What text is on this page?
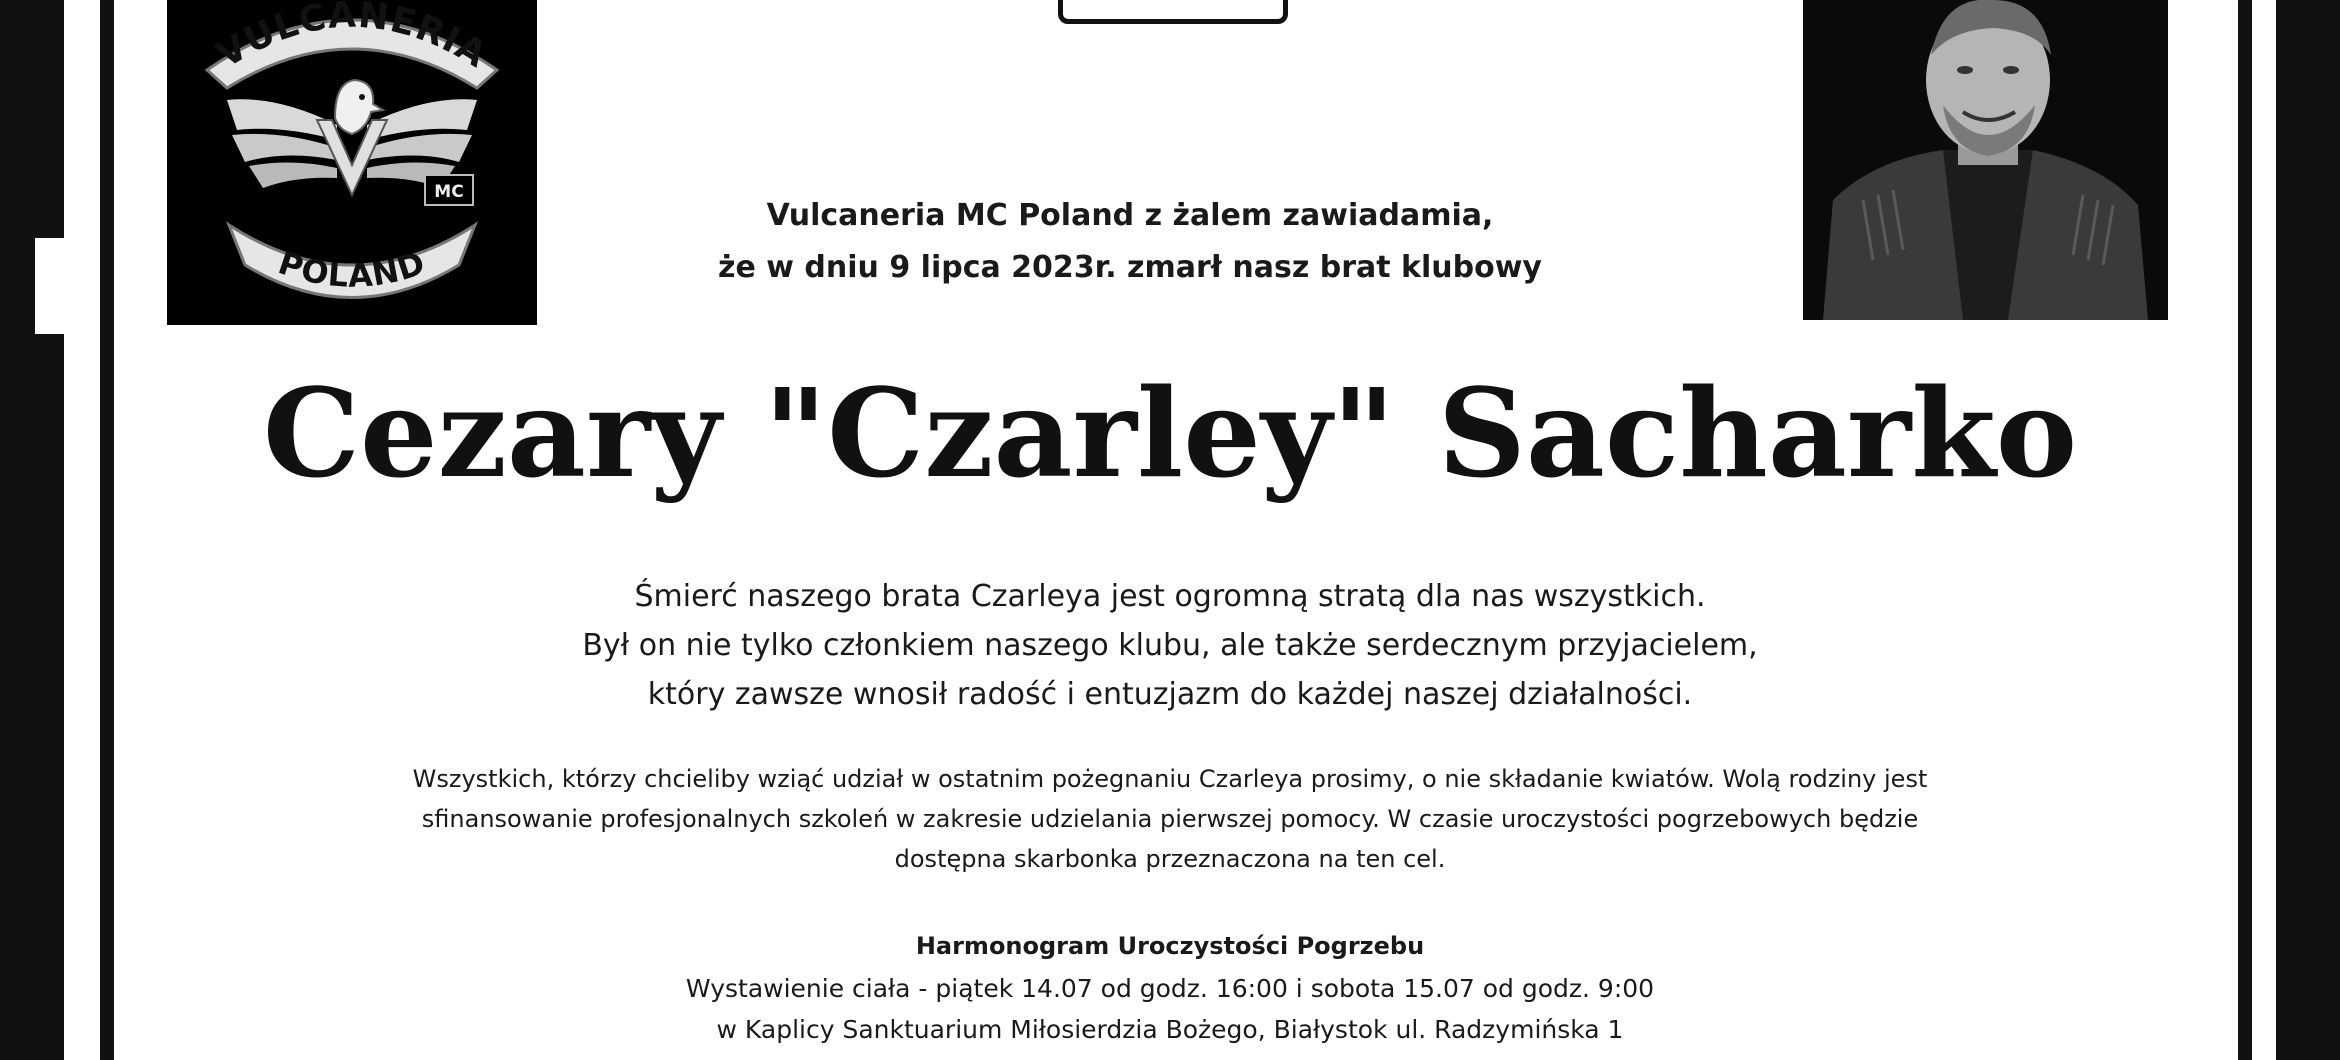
VULCANERIA
MC
POLAND
Vulcaneria MC Poland z żalem zawiadamia,
że w dniu 9 lipca 2023r. zmarł nasz brat klubowy
Cezary "Czarley" Sacharko
Śmierć naszego brata Czarleya jest ogromną stratą dla nas wszystkich.
Był on nie tylko członkiem naszego klubu, ale także serdecznym przyjacielem,
który zawsze wnosił radość i entuzjazm do każdej naszej działalności.
Wszystkich, którzy chcieliby wziąć udział w ostatnim pożegnaniu Czarleya prosimy, o nie składanie kwiatów. Wolą rodziny jest
sfinansowanie profesjonalnych szkoleń w zakresie udzielania pierwszej pomocy. W czasie uroczystości pogrzebowych będzie
dostępna skarbonka przeznaczona na ten cel.
Harmonogram Uroczystości Pogrzebu
Wystawienie ciała - piątek 14.07 od godz. 16:00 i sobota 15.07 od godz. 9:00
w Kaplicy Sanktuarium Miłosierdzia Bożego, Białystok ul. Radzymińska 1
